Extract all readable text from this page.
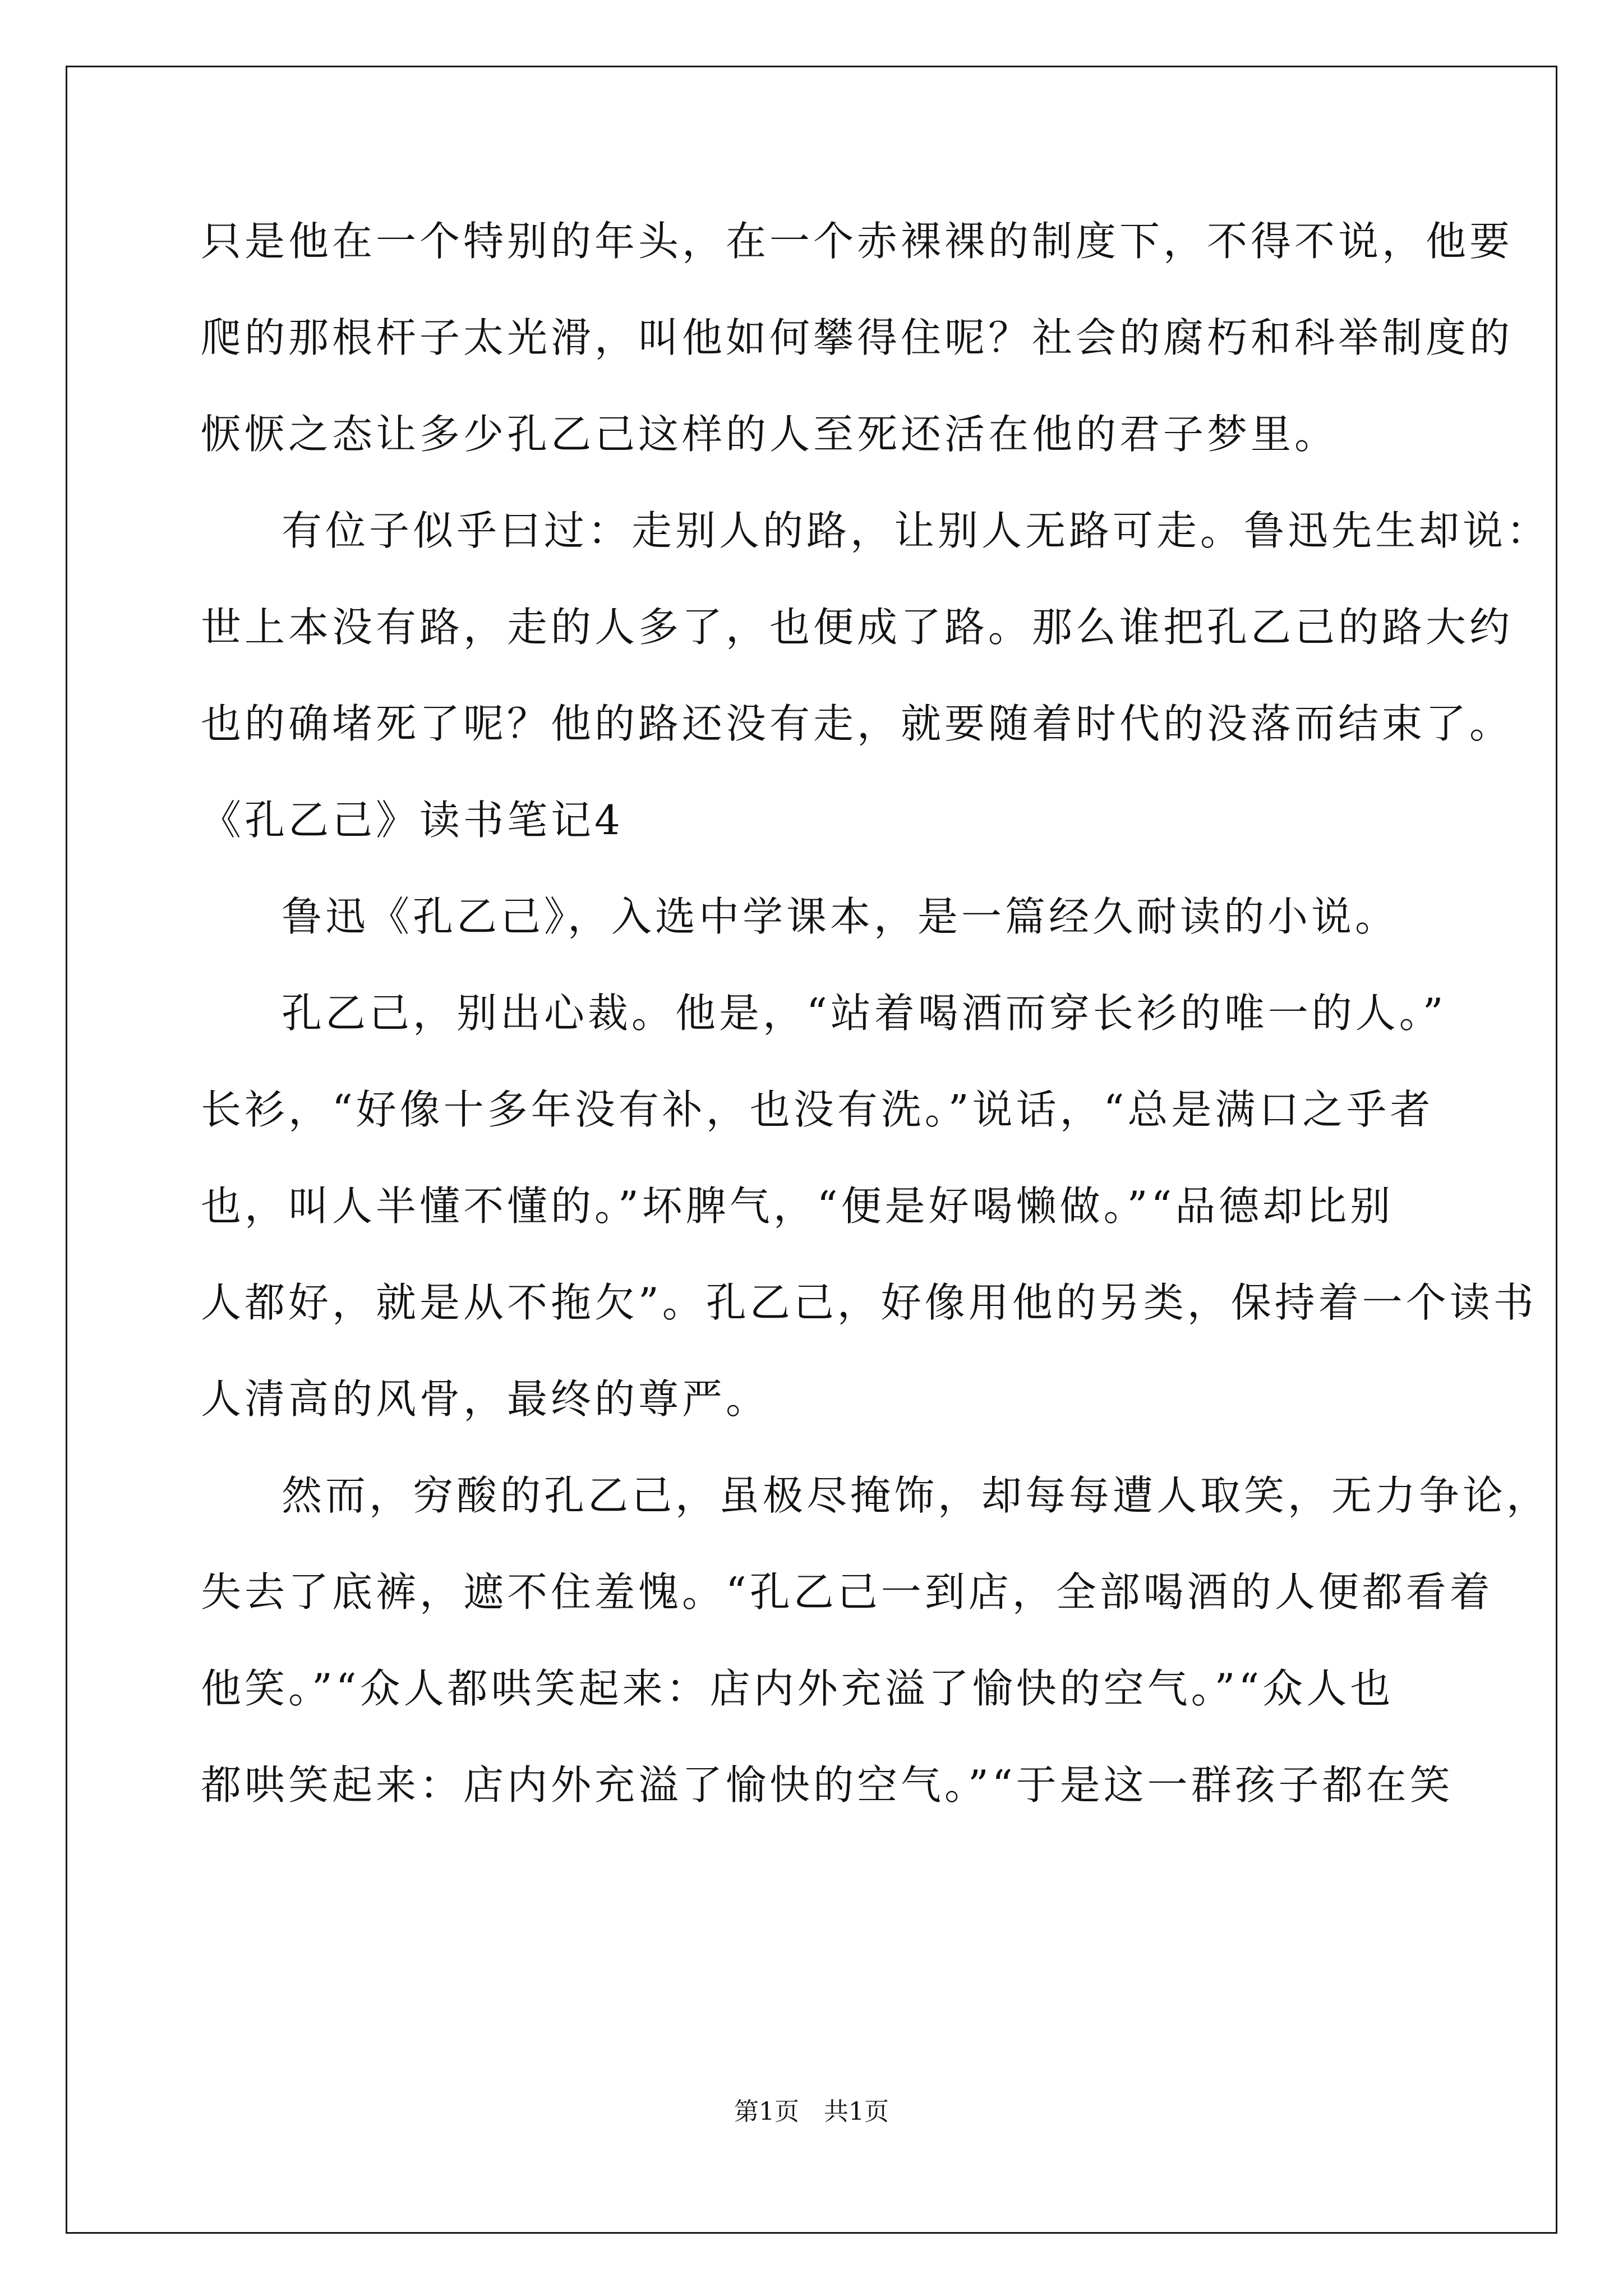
只是他在一个特别的年头，在一个赤裸裸的制度下，不得不说，他要
爬的那根杆子太光滑，叫他如何攀得住呢？社会的腐朽和科举制度的
恹恹之态让多少孔乙己这样的人至死还活在他的君子梦里。
有位子似乎曰过：走别人的路，让别人无路可走。鲁迅先生却说：
世上本没有路，走的人多了，也便成了路。那么谁把孔乙己的路大约
也的确堵死了呢？他的路还没有走，就要随着时代的没落而结束了。
《孔乙己》读书笔记4
鲁迅《孔乙己》，入选中学课本，是一篇经久耐读的小说。
孔乙己，别出心裁。他是，“站着喝酒而穿长衫的唯一的人。”
长衫，“好像十多年没有补，也没有洗。”说话，“总是满口之乎者
也，叫人半懂不懂的。”坏脾气，“便是好喝懒做。”“品德却比别
人都好，就是从不拖欠”。孔乙己，好像用他的另类，保持着一个读书
人清高的风骨，最终的尊严。
然而，穷酸的孔乙己，虽极尽掩饰，却每每遭人取笑，无力争论，
失去了底裤，遮不住羞愧。“孔乙己一到店，全部喝酒的人便都看着
他笑。”“众人都哄笑起来：店内外充溢了愉快的空气。”“众人也
都哄笑起来：店内外充溢了愉快的空气。”“于是这一群孩子都在笑
第1页　共1页
